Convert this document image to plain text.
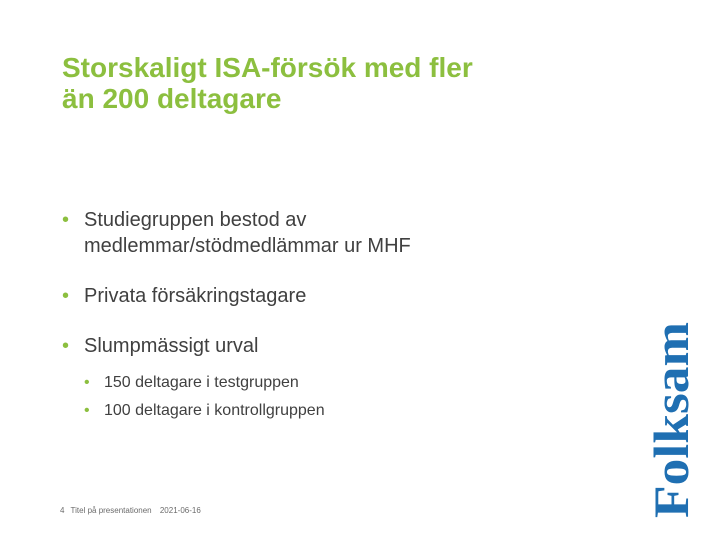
Storskaligt ISA-försök med fler
än 200 deltagare
• Studiegruppen bestod av
medlemmar/stödmedlämmar ur MHF
• Privata försäkringstagare
• Slumpmässigt urval
• 150 deltagare i testgruppen
• 100 deltagare i kontrollgruppen
4 Titel på presentationen 2021-06-16	Folksam
